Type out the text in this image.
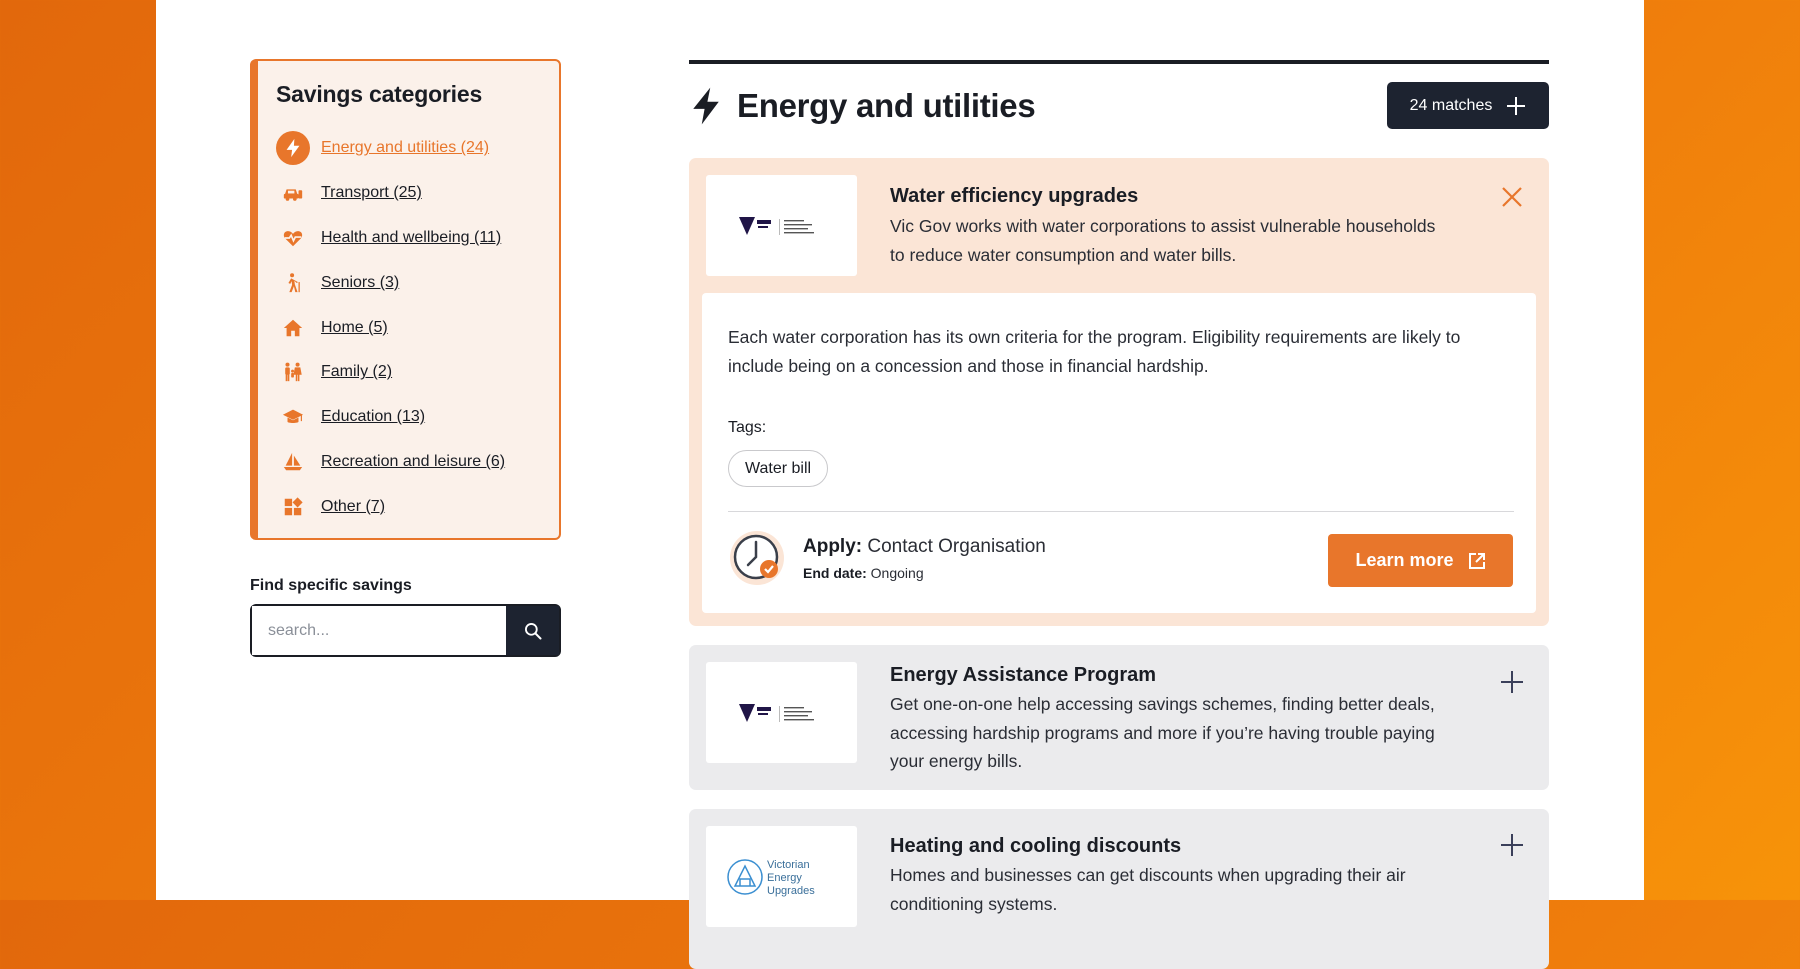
Savings categories
Energy and utilities (24)
Transport (25)
Health and wellbeing (11)
Seniors (3)
Home (5)
Family (2)
Education (13)
Recreation and leisure (6)
Other (7)
Find specific savings
search...
Energy and utilities	24 matches
Water efficiency upgrades
Vic Gov works with water corporations to assist vulnerable households to reduce water consumption and water bills.
Each water corporation has its own criteria for the program. Eligibility requirements are likely to include being on a concession and those in financial hardship.
Tags:
Water bill
Apply: Contact Organisation
End date: Ongoing
Learn more
Energy Assistance Program
Get one-on-one help accessing savings schemes, finding better deals, accessing hardship programs and more if you’re having trouble paying your energy bills.
Victorian
Energy
Upgrades
Heating and cooling discounts
Homes and businesses can get discounts when upgrading their air conditioning systems.
